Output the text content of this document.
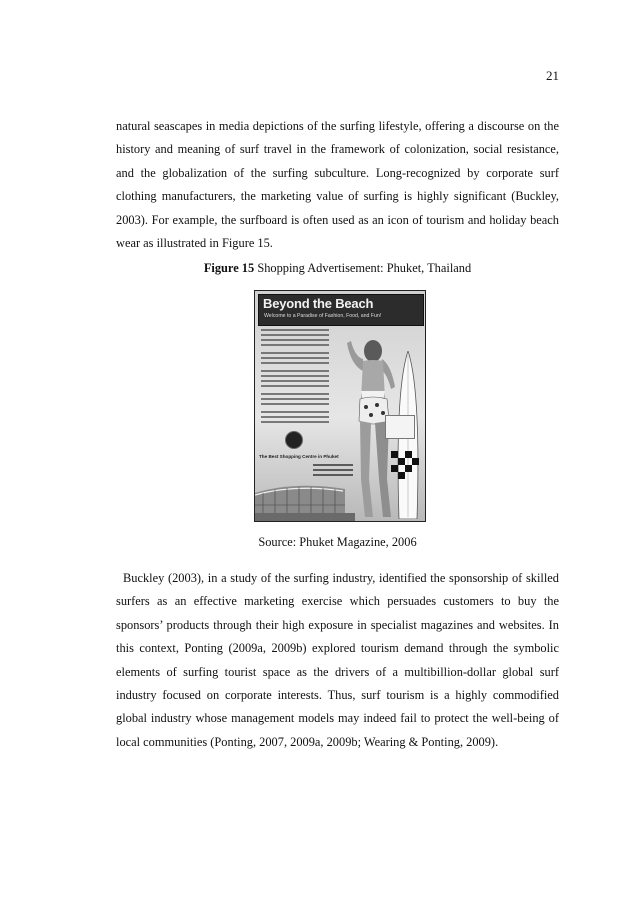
21

natural seascapes in media depictions of the surfing lifestyle, offering a discourse on the history and meaning of surf travel in the framework of colonization, social resistance, and the globalization of the surfing subculture. Long-recognized by corporate surf clothing manufacturers, the marketing value of surfing is highly significant (Buckley, 2003). For example, the surfboard is often used as an icon of tourism and holiday beach wear as illustrated in Figure 15.

Figure 15 Shopping Advertisement: Phuket, Thailand

Beyond the Beach
Welcome to a Paradise of Fashion, Food, and Fun!
The Best Shopping Centre in Phuket

Source: Phuket Magazine, 2006

Buckley (2003), in a study of the surfing industry, identified the sponsorship of skilled surfers as an effective marketing exercise which persuades customers to buy the sponsors’ products through their high exposure in specialist magazines and websites. In this context, Ponting (2009a, 2009b) explored tourism demand through the symbolic elements of surfing tourist space as the drivers of a multibillion-dollar global surf industry focused on corporate interests. Thus, surf tourism is a highly commodified global industry whose management models may indeed fail to protect the well-being of local communities (Ponting, 2007, 2009a, 2009b; Wearing & Ponting, 2009).
